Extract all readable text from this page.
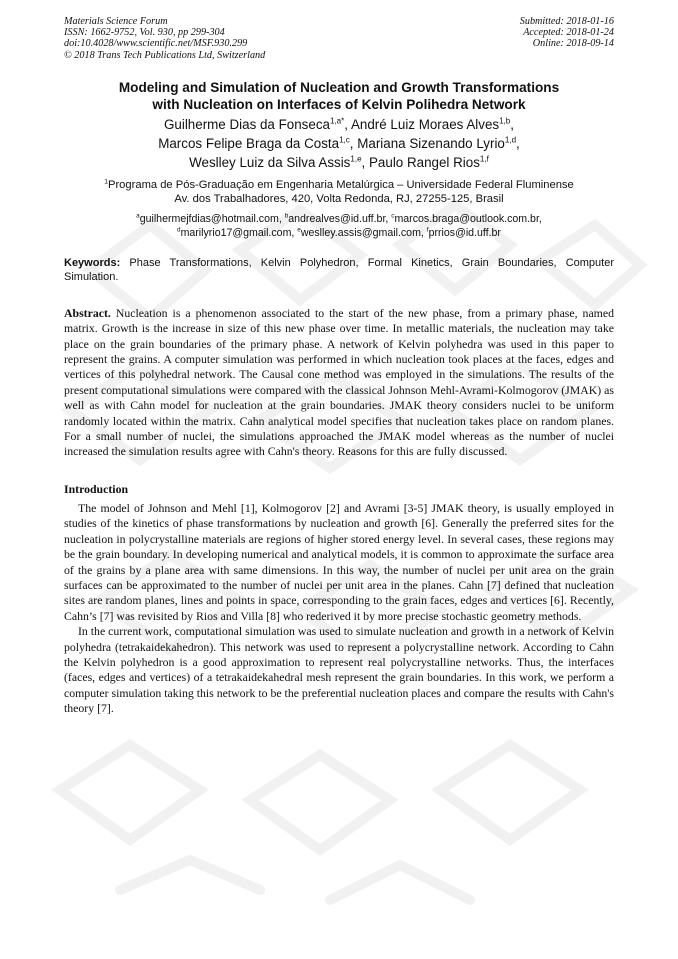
Materials Science Forum
ISSN: 1662-9752, Vol. 930, pp 299-304
doi:10.4028/www.scientific.net/MSF.930.299
© 2018 Trans Tech Publications Ltd, Switzerland
Submitted: 2018-01-16
Accepted: 2018-01-24
Online: 2018-09-14
Modeling and Simulation of Nucleation and Growth Transformations
with Nucleation on Interfaces of Kelvin Polihedra Network
Guilherme Dias da Fonseca$^{1,a*}$, André Luiz Moraes Alves$^{1,b}$,
Marcos Felipe Braga da Costa$^{1,c}$, Mariana Sizenando Lyrio$^{1,d}$,
Weslley Luiz da Silva Assis$^{1,e}$, Paulo Rangel Rios$^{1,f}$
$^1$Programa de Pós-Graduação em Engenharia Metalúrgica – Universidade Federal Fluminense
Av. dos Trabalhadores, 420, Volta Redonda, RJ, 27255-125, Brasil
$^a$guilhermejfdias@hotmail.com, $^b$andrealves@id.uff.br, $^c$marcos.braga@outlook.com.br,
$^d$marilyrio17@gmail.com, $^e$weslley.assis@gmail.com, $^f$prrios@id.uff.br
Keywords: Phase Transformations, Kelvin Polyhedron, Formal Kinetics, Grain Boundaries, Computer Simulation.
Abstract. Nucleation is a phenomenon associated to the start of the new phase, from a primary phase, named matrix. Growth is the increase in size of this new phase over time. In metallic materials, the nucleation may take place on the grain boundaries of the primary phase. A network of Kelvin polyhedra was used in this paper to represent the grains. A computer simulation was performed in which nucleation took places at the faces, edges and vertices of this polyhedral network. The Causal cone method was employed in the simulations. The results of the present computational simulations were compared with the classical Johnson Mehl-Avrami-Kolmogorov (JMAK) as well as with Cahn model for nucleation at the grain boundaries. JMAK theory considers nuclei to be uniform randomly located within the matrix. Cahn analytical model specifies that nucleation takes place on random planes. For a small number of nuclei, the simulations approached the JMAK model whereas as the number of nuclei increased the simulation results agree with Cahn's theory. Reasons for this are fully discussed.
Introduction

The model of Johnson and Mehl [1], Kolmogorov [2] and Avrami [3-5] JMAK theory, is usually employed in studies of the kinetics of phase transformations by nucleation and growth [6]. Generally the preferred sites for the nucleation in polycrystalline materials are regions of higher stored energy level. In several cases, these regions may be the grain boundary. In developing numerical and analytical models, it is common to approximate the surface area of the grains by a plane area with same dimensions. In this way, the number of nuclei per unit area on the grain surfaces can be approximated to the number of nuclei per unit area in the planes. Cahn [7] defined that nucleation sites are random planes, lines and points in space, corresponding to the grain faces, edges and vertices [6]. Recently, Cahn’s [7] was revisited by Rios and Villa [8] who rederived it by more precise stochastic geometry methods.

In the current work, computational simulation was used to simulate nucleation and growth in a network of Kelvin polyhedra (tetrakaidekahedron). This network was used to represent a polycrystalline network. According to Cahn the Kelvin polyhedron is a good approximation to represent real polycrystalline networks. Thus, the interfaces (faces, edges and vertices) of a tetrakaidekahedral mesh represent the grain boundaries. In this work, we perform a computer simulation taking this network to be the preferential nucleation places and compare the results with Cahn's theory [7].
